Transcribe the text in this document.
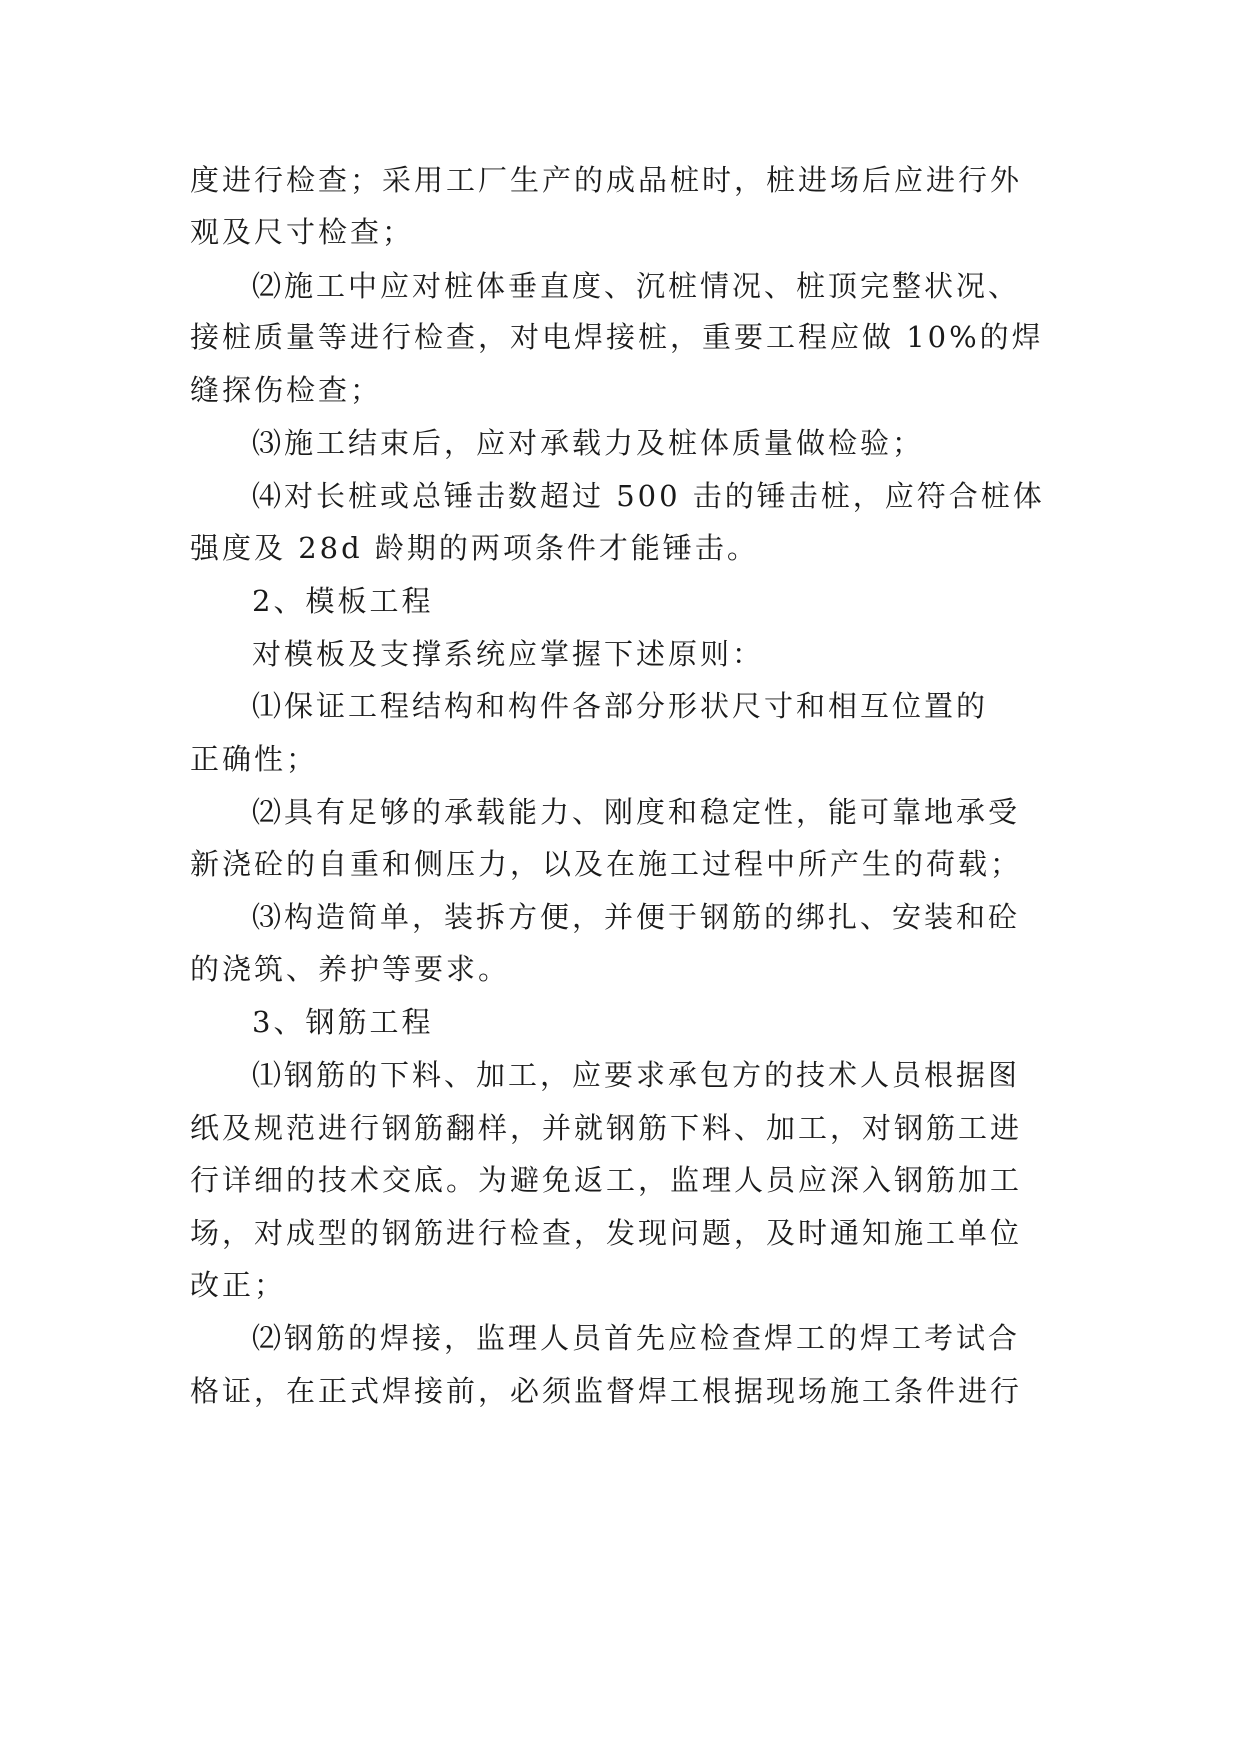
度进行检查；采用工厂生产的成品桩时，桩进场后应进行外
观及尺寸检查；
⑵施工中应对桩体垂直度、沉桩情况、桩顶完整状况、
接桩质量等进行检查，对电焊接桩，重要工程应做 10%的焊
缝探伤检查；
⑶施工结束后，应对承载力及桩体质量做检验；
⑷对长桩或总锤击数超过 500 击的锤击桩，应符合桩体
强度及 28d 龄期的两项条件才能锤击。
2、模板工程
对模板及支撑系统应掌握下述原则：
⑴保证工程结构和构件各部分形状尺寸和相互位置的
正确性；
⑵具有足够的承载能力、刚度和稳定性，能可靠地承受
新浇砼的自重和侧压力，以及在施工过程中所产生的荷载；
⑶构造简单，装拆方便，并便于钢筋的绑扎、安装和砼
的浇筑、养护等要求。
3、钢筋工程
⑴钢筋的下料、加工，应要求承包方的技术人员根据图
纸及规范进行钢筋翻样，并就钢筋下料、加工，对钢筋工进
行详细的技术交底。为避免返工，监理人员应深入钢筋加工
场，对成型的钢筋进行检查，发现问题，及时通知施工单位
改正；
⑵钢筋的焊接，监理人员首先应检查焊工的焊工考试合
格证，在正式焊接前，必须监督焊工根据现场施工条件进行
